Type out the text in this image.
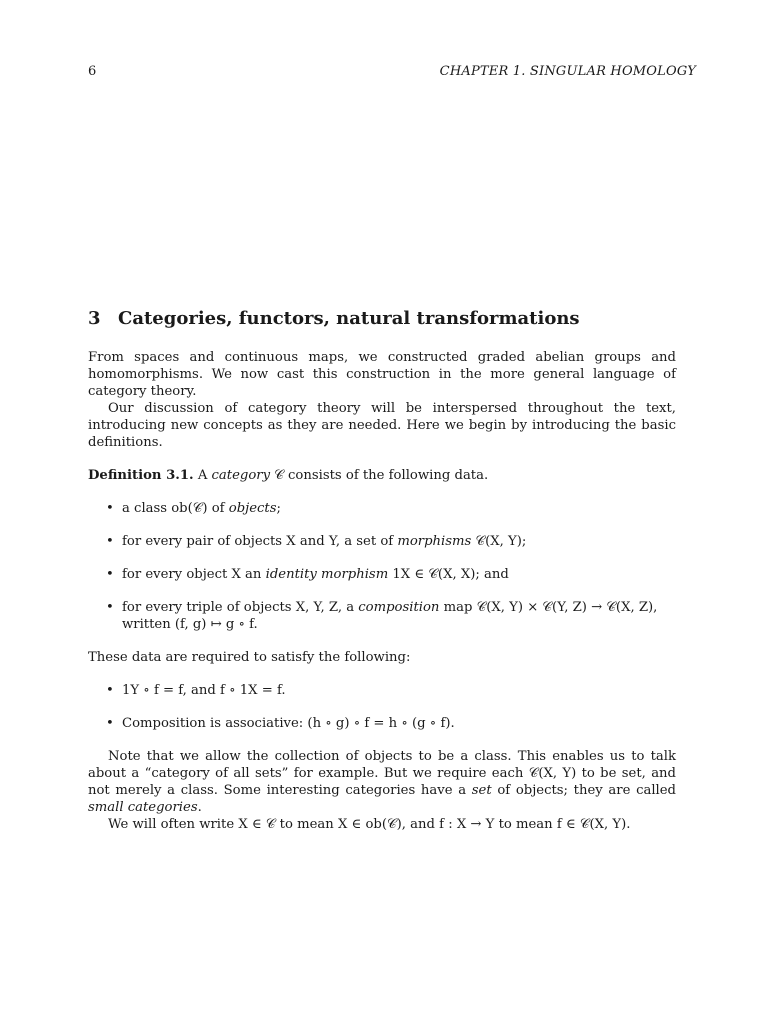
6	CHAPTER 1. SINGULAR HOMOLOGY
3 Categories, functors, natural transformations

From spaces and continuous maps, we constructed graded abelian groups and homomorphisms. We now cast this construction in the more general language of category theory.

Our discussion of category theory will be interspersed throughout the text, introducing new concepts as they are needed. Here we begin by introducing the basic definitions.

Definition 3.1. A category 𝒞 consists of the following data.

• a class ob(𝒞) of objects;
• for every pair of objects X and Y, a set of morphisms 𝒞(X, Y);
• for every object X an identity morphism 1X ∈ 𝒞(X, X); and
• for every triple of objects X, Y, Z, a composition map 𝒞(X, Y) × 𝒞(Y, Z) → 𝒞(X, Z), written (f, g) ↦ g ∘ f.

These data are required to satisfy the following:

• 1Y ∘ f = f, and f ∘ 1X = f.
• Composition is associative: (h ∘ g) ∘ f = h ∘ (g ∘ f).

Note that we allow the collection of objects to be a class. This enables us to talk about a “category of all sets” for example. But we require each 𝒞(X, Y) to be set, and not merely a class. Some interesting categories have a set of objects; they are called small categories.

We will often write X ∈ 𝒞 to mean X ∈ ob(𝒞), and f : X → Y to mean f ∈ 𝒞(X, Y).
